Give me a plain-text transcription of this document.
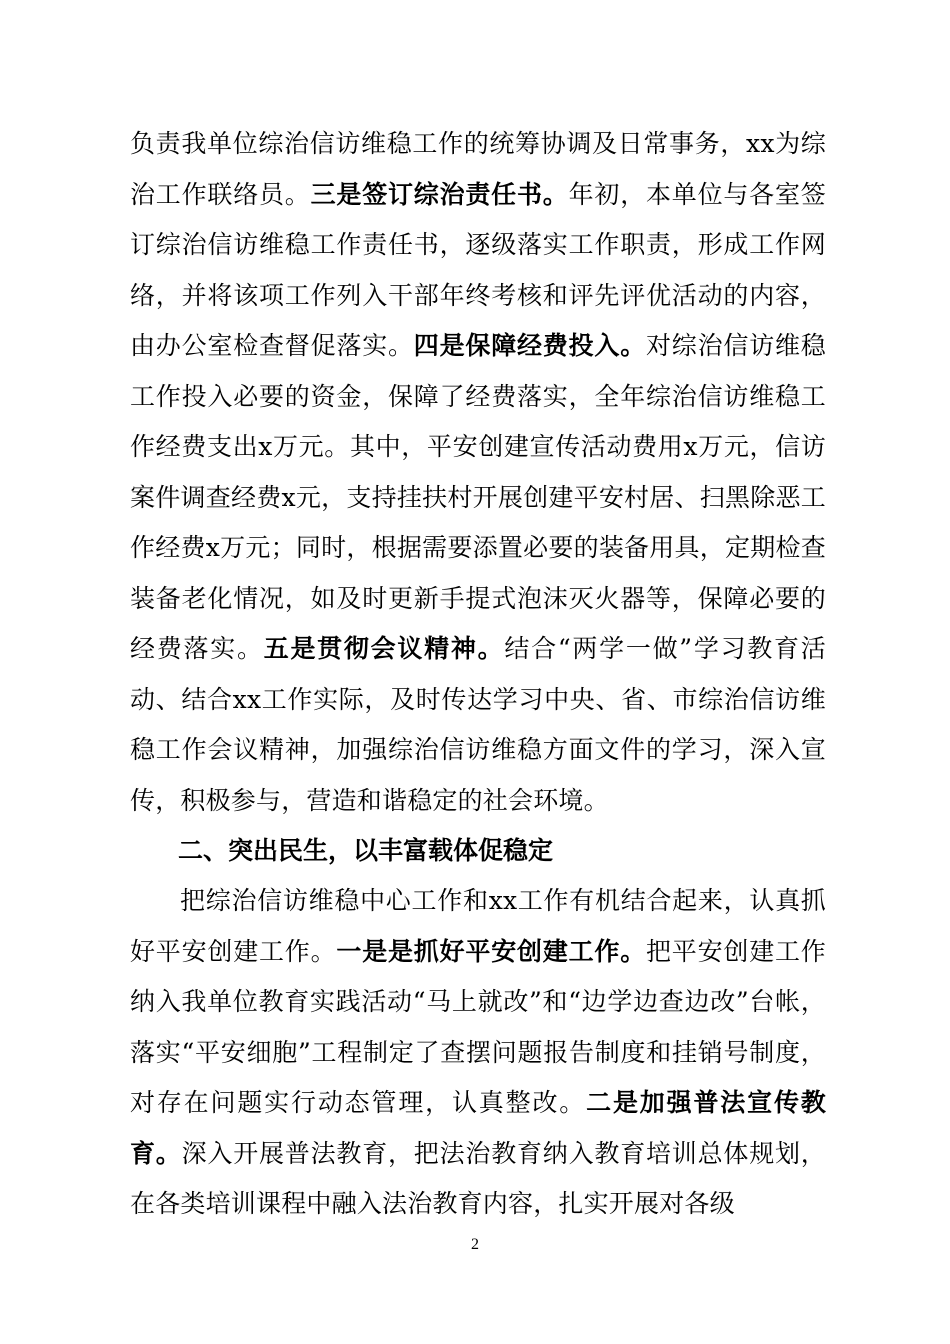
负责我单位综治信访维稳工作的统筹协调及日常事务，xx为综治工作联络员。三是签订综治责任书。年初，本单位与各室签订综治信访维稳工作责任书，逐级落实工作职责，形成工作网络，并将该项工作列入干部年终考核和评先评优活动的内容，由办公室检查督促落实。四是保障经费投入。对综治信访维稳工作投入必要的资金，保障了经费落实，全年综治信访维稳工作经费支出x万元。其中，平安创建宣传活动费用x万元，信访案件调查经费x元，支持挂扶村开展创建平安村居、扫黑除恶工作经费x万元；同时，根据需要添置必要的装备用具，定期检查装备老化情况，如及时更新手提式泡沫灭火器等，保障必要的经费落实。五是贯彻会议精神。结合“两学一做”学习教育活动、结合xx工作实际，及时传达学习中央、省、市综治信访维稳工作会议精神，加强综治信访维稳方面文件的学习，深入宣传，积极参与，营造和谐稳定的社会环境。
二、突出民生，以丰富载体促稳定
把综治信访维稳中心工作和xx工作有机结合起来，认真抓好平安创建工作。一是是抓好平安创建工作。把平安创建工作纳入我单位教育实践活动“马上就改”和“边学边查边改”台帐，落实“平安细胞”工程制定了查摆问题报告制度和挂销号制度，对存在问题实行动态管理，认真整改。二是加强普法宣传教育。深入开展普法教育，把法治教育纳入教育培训总体规划，在各类培训课程中融入法治教育内容，扎实开展对各级
2
